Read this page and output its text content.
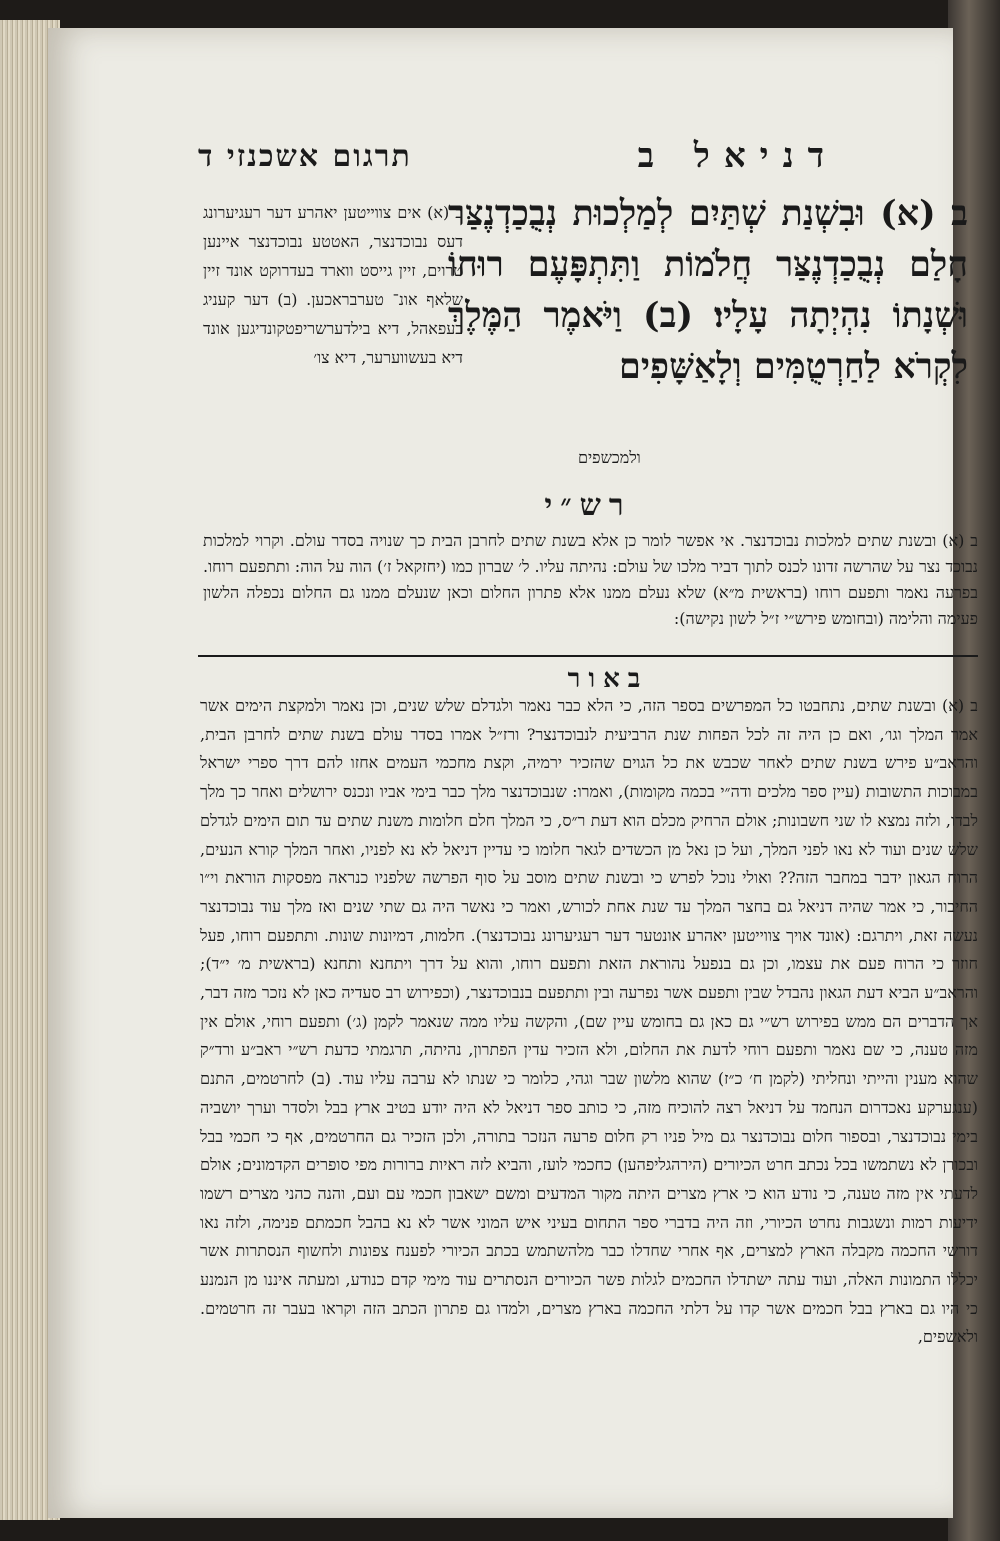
דניאל ב
תרגום אשכנזי ד
ב (א) וּבִשְׁנַת שְׁתַּיִם לְמַלְכוּת נְבֻכַדְנֶצַּר חָלַם נְבֻכַדְנֶצַּר חֲלֹמוֹת וַתִּתְפָּעֶם רוּחוֹ וּשְׁנָתוֹ נִהְיְתָה עָלָיו׃ (ב) וַיֹּאמֶר הַמֶּלֶךְ לִקְרֹא לַחַרְטֻמִּים וְלָאַשָּׁפִים
ולמכשפים
ב (א) אים צווייטען יאהרע דער רעגיערונג דעס נבוכדנצר, האטטע נבוכדנצר איינען טרוים, זיין גייסט ווארד בעדרוקט אונד זיין שלאף אונ־ טערבראכען. (ב) דער קעניג בעפאהל, דיא בילדערשריפטקונדיגען אונד דיא בעשווערער, דיא צו׳
רש״י
ב (א) ובשנת שתים למלכות נבוכדנצר. אי אפשר לומר כן אלא בשנת שתים לחרבן הבית כך שנויה בסדר עולם. וקרוי למלכות נבוכד נצר על שהרשה זדונו לכנס לתוך דביר מלכו של עולם: נהיתה עליו. ל׳ שברון כמו (יחזקאל ז׳) הוה על הוה: ותתפעם רוחו. בפרעה נאמר ותפעם רוחו (בראשית מ״א) שלא נעלם ממנו אלא פתרון החלום וכאן שנעלם ממנו גם החלום נכפלה הלשון פעימה והלימה (ובחומש פירש״י ז״ל לשון נקישה):
באור
ב (א) ובשנת שתים, נתחבטו כל המפרשים בספר הזה, כי הלא כבר נאמר ולגדלם שלש שנים, וכן נאמר ולמקצת הימים אשר אמר המלך וגו׳, ואם כן היה זה לכל הפחות שנת הרביעית לנבוכדנצר? ורז״ל אמרו בסדר עולם בשנת שתים לחרבן הבית, והראב״ע פירש בשנת שתים לאחר שכבש את כל הגוים שהזכיר ירמיה, וקצת מחכמי העמים אחזו להם דרך ספרי ישראל במבוכות התשובות (עיין ספר מלכים ודה״י בכמה מקומות), ואמרו: שנבוכדנצר מלך כבר בימי אביו ונכנס ירושלים ואחר כך מלך לבדו, ולזה נמצא לו שני חשבונות; אולם הרחיק מכלם הוא דעת ר״ס, כי המלך חלם חלומות משנת שתים עד תום הימים לגדלם שלש שנים ועוד לא נאו לפני המלך, ועל כן נאל מן הכשדים לגאר חלומו כי עדיין דניאל לא נא לפניו, ואחר המלך קורא הנעים, הרוח הגאון ידבר במחבר הזה?? ואולי נוכל לפרש כי ובשנת שתים מוסב על סוף הפרשה שלפניו כנראה מפסקות הוראת וי״ו החיבור, כי אמר שהיה דניאל גם בחצר המלך עד שנת אחת לכורש, ואמר כי נאשר היה גם שתי שנים ואז מלך עוד נבוכדנצר נעשה זאת, ויתרגם: (אונד אויך צווייטען יאהרע אונטער דער רעגיערונג נבוכדנצר). חלמות, דמיונות שונות. ותתפעם רוחו, פעל חוזר כי הרוח פעם את עצמו, וכן גם בנפעל נהוראת הזאת ותפעם רוחו, והוא על דרך ויתחנא ותחנא (בראשית מ׳ י״ד); והראב״ע הביא דעת הגאון נהבדל שבין ותפעם אשר נפרעה ובין ותתפעם בנבוכדנצר, (וכפירוש רב סעדיה כאן לא נזכר מזה דבר, אך הדברים הם ממש בפירוש רש״י גם כאן גם בחומש עיין שם), והקשה עליו ממה שנאמר לקמן (ג׳) ותפעם רוחי, אולם אין מזה טענה, כי שם נאמר ותפעם רוחי לדעת את החלום, ולא הזכיר עדין הפתרון, נהיתה, תרגמתי כדעת רש״י ראב״ע ורד״ק שהוא מענין והייתי ונחליתי (לקמן ח׳ כ״ז) שהוא מלשון שבר וגהי, כלומר כי שנתו לא ערבה עליו עוד. (ב) לחרטמים, התנם (ענגערקע נאכדרום הנחמד על דניאל רצה להוכיח מזה, כי כותב ספר דניאל לא היה יודע בטיב ארץ בבל ולסדר וערך יושביה בימי נבוכדנצר, ובספור חלום נבוכדנצר גם מיל פניו רק חלום פרעה הנזכר בתורה, ולכן הזכיר גם החרטמים, אף כי חכמי בבל ובכורן לא נשתמשו בכל נכתב חרט הכיורים (הירהגליפהען) כחכמי לועז, והביא לזה ראיות ברורות מפי סופרים הקדמונים; אולם לדעתי אין מזה טענה, כי נודע הוא כי ארץ מצרים היתה מקור המדעים ומשם ישאבון חכמי עם ועם, והנה כהני מצרים רשמו ידיעות רמות ונשגבות נחרט הכיורי, וזה היה בדברי ספר התחום בעיני איש המוני אשר לא נא בהבל חכמתם פנימה, ולזה נאו דורשי החכמה מקבלה הארץ למצרים, אף אחרי שחדלו כבר מלהשתמש בכתב הכיורי לפענח צפונות ולחשוף הנסתרות אשר יכללו התמונות האלה, ועוד עתה ישתדלו החכמים לגלות פשר הכיורים הנסתרים עוד מימי קדם כנודע, ומעתה איננו מן הנמנע כי היו גם בארץ בבל חכמים אשר קדו על דלתי החכמה בארץ מצרים, ולמדו גם פתרון הכתב הזה וקראו בעבר זה חרטמים. ולאשפים,
